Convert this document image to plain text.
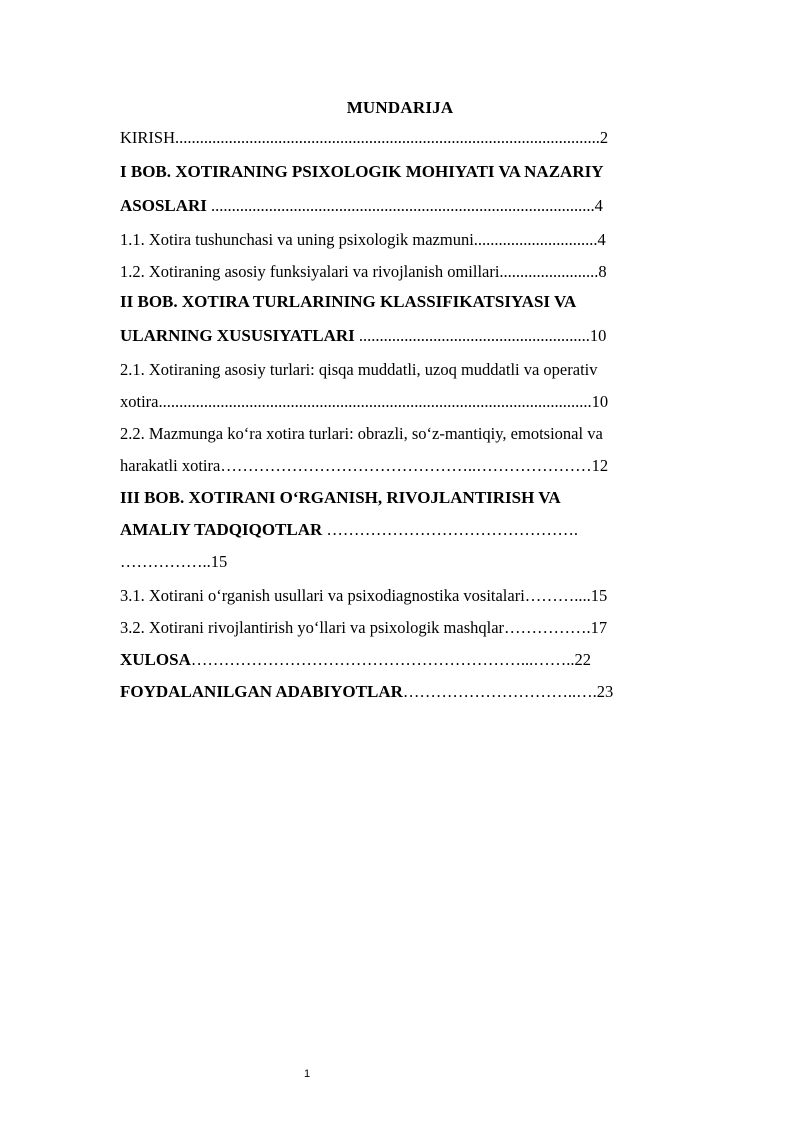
MUNDARIJA
KIRISH.......................................................................................................2
I BOB. XOTIRANING PSIXOLOGIK MOHIYATI VA NAZARIY
ASOSLARI .............................................................................................4
1.1. Xotira tushunchasi va uning psixologik mazmuni..............................4
1.2. Xotiraning asosiy funksiyalari va rivojlanish omillari........................8
II BOB. XOTIRA TURLARINING KLASSIFIKATSIYASI VA
ULARNING XUSUSIYATLARI ........................................................10
2.1. Xotiraning asosiy turlari: qisqa muddatli, uzoq muddatli va operativ
xotira.........................................................................................................10
2.2. Mazmunga ko‘ra xotira turlari: obrazli, so‘z-mantiqiy, emotsional va
harakatli xotira………………………………………..…………………12
III BOB. XOTIRANI O‘RGANISH, RIVOJLANTIRISH VA
AMALIY TADQIQOTLAR ……………………………………….
……………..15
3.1. Xotirani o‘rganish usullari va psixodiagnostika vositalari………....15
3.2. Xotirani rivojlantirish yo‘llari va psixologik mashqlar…………….17
XULOSA……………………………………………………...……..22
FOYDALANILGAN ADABIYOTLAR…………………………..….23
1
